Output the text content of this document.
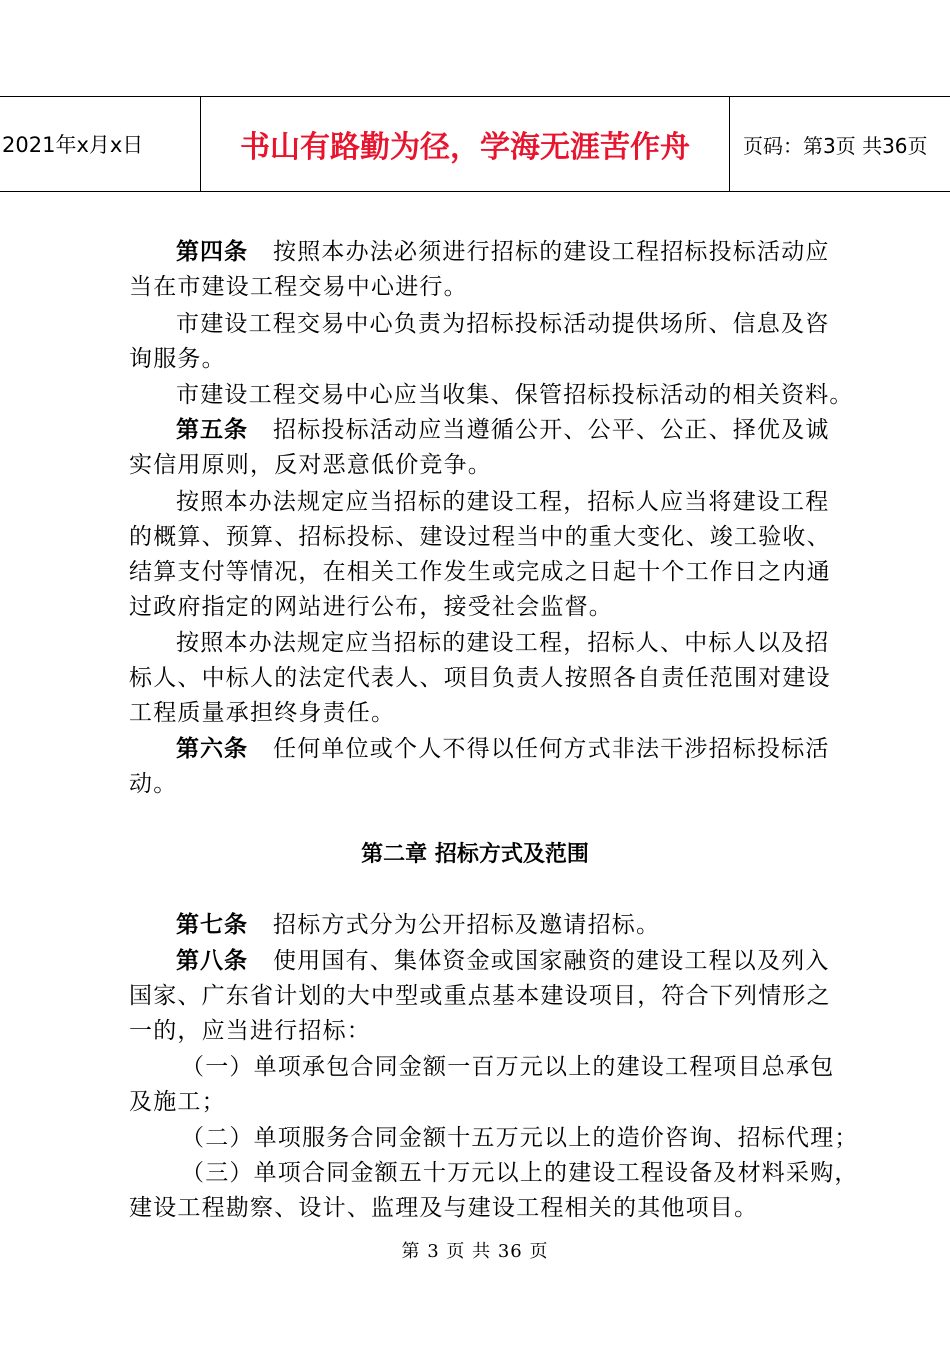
2021年x月x日	书山有路勤为径，学海无涯苦作舟	页码：第3页 共36页
第四条 按照本办法必须进行招标的建设工程招标投标活动应
当在市建设工程交易中心进行。
市建设工程交易中心负责为招标投标活动提供场所、信息及咨
询服务。
市建设工程交易中心应当收集、保管招标投标活动的相关资料。
第五条 招标投标活动应当遵循公开、公平、公正、择优及诚
实信用原则，反对恶意低价竞争。
按照本办法规定应当招标的建设工程，招标人应当将建设工程
的概算、预算、招标投标、建设过程当中的重大变化、竣工验收、
结算支付等情况，在相关工作发生或完成之日起十个工作日之内通
过政府指定的网站进行公布，接受社会监督。
按照本办法规定应当招标的建设工程，招标人、中标人以及招
标人、中标人的法定代表人、项目负责人按照各自责任范围对建设
工程质量承担终身责任。
第六条 任何单位或个人不得以任何方式非法干涉招标投标活
动。
第二章 招标方式及范围
第七条 招标方式分为公开招标及邀请招标。
第八条 使用国有、集体资金或国家融资的建设工程以及列入
国家、广东省计划的大中型或重点基本建设项目，符合下列情形之
一的，应当进行招标：
（一）单项承包合同金额一百万元以上的建设工程项目总承包
及施工；
（二）单项服务合同金额十五万元以上的造价咨询、招标代理；
（三）单项合同金额五十万元以上的建设工程设备及材料采购，
建设工程勘察、设计、监理及与建设工程相关的其他项目。
第 3 页 共 36 页
